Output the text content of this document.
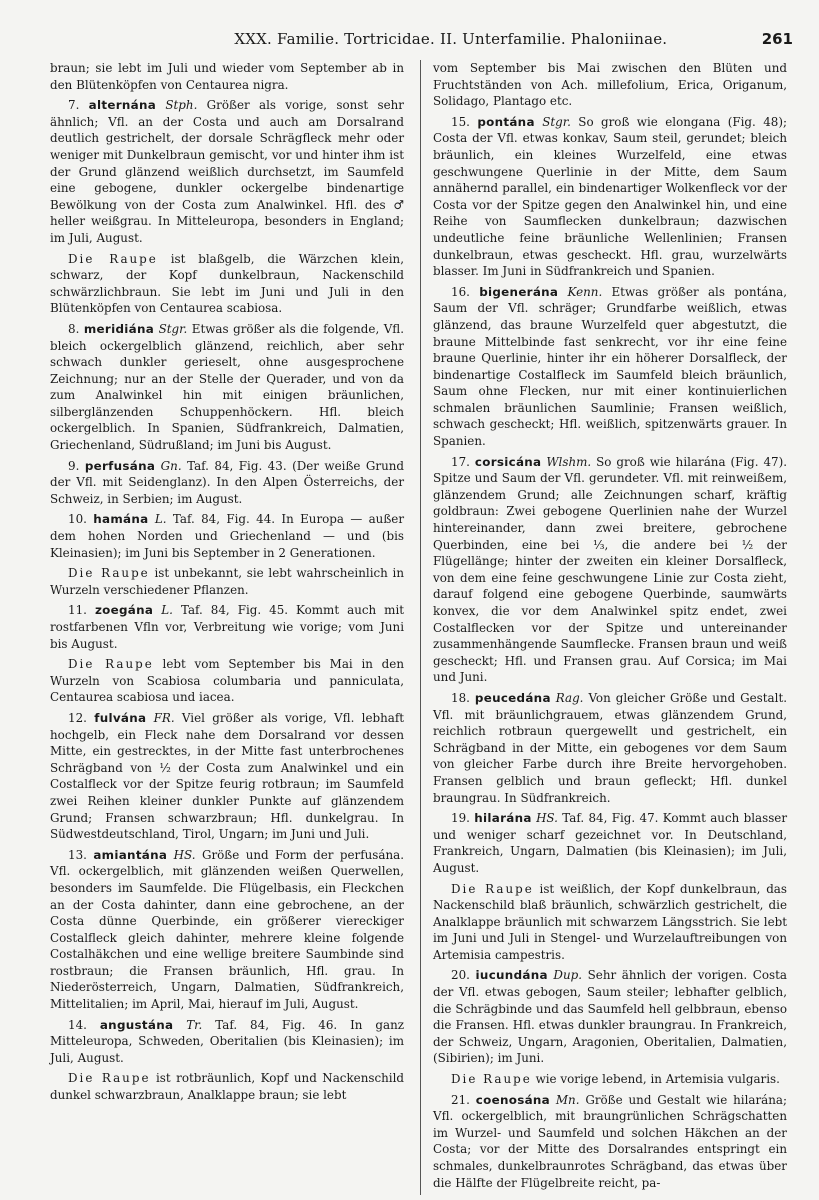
XXX. Familie. Tortricidae. II. Unterfamilie. Phaloniinae.	261

braun; sie lebt im Juli und wieder vom September ab in den Blütenköpfen von Centaurea nigra.

7. alternána Stph. Größer als vorige, sonst sehr ähnlich; Vfl. an der Costa und auch am Dorsalrand deutlich gestrichelt, der dorsale Schrägfleck mehr oder weniger mit Dunkelbraun gemischt, vor und hinter ihm ist der Grund glänzend weißlich durchsetzt, im Saumfeld eine gebogene, dunkler ockergelbe bindenartige Bewölkung von der Costa zum Analwinkel. Hfl. des ♂ heller weißgrau. In Mitteleuropa, besonders in England; im Juli, August.

Die Raupe ist blaßgelb, die Wärzchen klein, schwarz, der Kopf dunkelbraun, Nackenschild schwärzlichbraun. Sie lebt im Juni und Juli in den Blütenköpfen von Centaurea scabiosa.

8. meridiána Stgr. Etwas größer als die folgende, Vfl. bleich ockergelblich glänzend, reichlich, aber sehr schwach dunkler gerieselt, ohne ausgesprochene Zeichnung; nur an der Stelle der Querader, und von da zum Analwinkel hin mit einigen bräunlichen, silberglänzenden Schuppenhöckern. Hfl. bleich ockergelblich. In Spanien, Südfrankreich, Dalmatien, Griechenland, Südrußland; im Juni bis August.

9. perfusána Gn. Taf. 84, Fig. 43. (Der weiße Grund der Vfl. mit Seidenglanz). In den Alpen Österreichs, der Schweiz, in Serbien; im August.

10. hamána L. Taf. 84, Fig. 44. In Europa — außer dem hohen Norden und Griechenland — und (bis Kleinasien); im Juni bis September in 2 Generationen.

Die Raupe ist unbekannt, sie lebt wahrscheinlich in Wurzeln verschiedener Pflanzen.

11. zoegána L. Taf. 84, Fig. 45. Kommt auch mit rostfarbenen Vfln vor, Verbreitung wie vorige; vom Juni bis August.

Die Raupe lebt vom September bis Mai in den Wurzeln von Scabiosa columbaria und panniculata, Centaurea scabiosa und iacea.

12. fulvána FR. Viel größer als vorige, Vfl. lebhaft hochgelb, ein Fleck nahe dem Dorsalrand vor dessen Mitte, ein gestrecktes, in der Mitte fast unterbrochenes Schrägband von ½ der Costa zum Analwinkel und ein Costalfleck vor der Spitze feurig rotbraun; im Saumfeld zwei Reihen kleiner dunkler Punkte auf glänzendem Grund; Fransen schwarzbraun; Hfl. dunkelgrau. In Südwestdeutschland, Tirol, Ungarn; im Juni und Juli.

13. amiantána HS. Größe und Form der perfusána. Vfl. ockergelblich, mit glänzenden weißen Querwellen, besonders im Saumfelde. Die Flügelbasis, ein Fleckchen an der Costa dahinter, dann eine gebrochene, an der Costa dünne Querbinde, ein größerer viereckiger Costalfleck gleich dahinter, mehrere kleine folgende Costalhäkchen und eine wellige breitere Saumbinde sind rostbraun; die Fransen bräunlich, Hfl. grau. In Niederösterreich, Ungarn, Dalmatien, Südfrankreich, Mittelitalien; im April, Mai, hierauf im Juli, August.

14. angustána Tr. Taf. 84, Fig. 46. In ganz Mitteleuropa, Schweden, Oberitalien (bis Kleinasien); im Juli, August.

Die Raupe ist rotbräunlich, Kopf und Nackenschild dunkel schwarzbraun, Analklappe braun; sie lebt

vom September bis Mai zwischen den Blüten und Fruchtständen von Ach. millefolium, Erica, Origanum, Solidago, Plantago etc.

15. pontána Stgr. So groß wie elongana (Fig. 48); Costa der Vfl. etwas konkav, Saum steil, gerundet; bleich bräunlich, ein kleines Wurzelfeld, eine etwas geschwungene Querlinie in der Mitte, dem Saum annähernd parallel, ein bindenartiger Wolkenfleck vor der Costa vor der Spitze gegen den Analwinkel hin, und eine Reihe von Saumflecken dunkelbraun; dazwischen undeutliche feine bräunliche Wellenlinien; Fransen dunkelbraun, etwas gescheckt. Hfl. grau, wurzelwärts blasser. Im Juni in Südfrankreich und Spanien.

16. bigenerána Kenn. Etwas größer als pontána, Saum der Vfl. schräger; Grundfarbe weißlich, etwas glänzend, das braune Wurzelfeld quer abgestutzt, die braune Mittelbinde fast senkrecht, vor ihr eine feine braune Querlinie, hinter ihr ein höherer Dorsalfleck, der bindenartige Costalfleck im Saumfeld bleich bräunlich, Saum ohne Flecken, nur mit einer kontinuierlichen schmalen bräunlichen Saumlinie; Fransen weißlich, schwach gescheckt; Hfl. weißlich, spitzenwärts grauer. In Spanien.

17. corsicána Wlshm. So groß wie hilarána (Fig. 47). Spitze und Saum der Vfl. gerundeter. Vfl. mit reinweißem, glänzendem Grund; alle Zeichnungen scharf, kräftig goldbraun: Zwei gebogene Querlinien nahe der Wurzel hintereinander, dann zwei breitere, gebrochene Querbinden, eine bei ⅓, die andere bei ½ der Flügellänge; hinter der zweiten ein kleiner Dorsalfleck, von dem eine feine geschwungene Linie zur Costa zieht, darauf folgend eine gebogene Querbinde, saumwärts konvex, die vor dem Analwinkel spitz endet, zwei Costalflecken vor der Spitze und untereinander zusammenhängende Saumflecke. Fransen braun und weiß gescheckt; Hfl. und Fransen grau. Auf Corsica; im Mai und Juni.

18. peucedána Rag. Von gleicher Größe und Gestalt. Vfl. mit bräunlichgrauem, etwas glänzendem Grund, reichlich rotbraun quergewellt und gestrichelt, ein Schrägband in der Mitte, ein gebogenes vor dem Saum von gleicher Farbe durch ihre Breite hervorgehoben. Fransen gelblich und braun gefleckt; Hfl. dunkel braungrau. In Südfrankreich.

19. hilarána HS. Taf. 84, Fig. 47. Kommt auch blasser und weniger scharf gezeichnet vor. In Deutschland, Frankreich, Ungarn, Dalmatien (bis Kleinasien); im Juli, August.

Die Raupe ist weißlich, der Kopf dunkelbraun, das Nackenschild blaß bräunlich, schwärzlich gestrichelt, die Analklappe bräunlich mit schwarzem Längsstrich. Sie lebt im Juni und Juli in Stengel- und Wurzelauftreibungen von Artemisia campestris.

20. iucundána Dup. Sehr ähnlich der vorigen. Costa der Vfl. etwas gebogen, Saum steiler; lebhafter gelblich, die Schrägbinde und das Saumfeld hell gelbbraun, ebenso die Fransen. Hfl. etwas dunkler braungrau. In Frankreich, der Schweiz, Ungarn, Aragonien, Oberitalien, Dalmatien, (Sibirien); im Juni.

Die Raupe wie vorige lebend, in Artemisia vulgaris.

21. coenosána Mn. Größe und Gestalt wie hilarána; Vfl. ockergelblich, mit braungrünlichen Schrägschatten im Wurzel- und Saumfeld und solchen Häkchen an der Costa; vor der Mitte des Dorsalrandes entspringt ein schmales, dunkelbraunrotes Schrägband, das etwas über die Hälfte der Flügelbreite reicht, pa-
